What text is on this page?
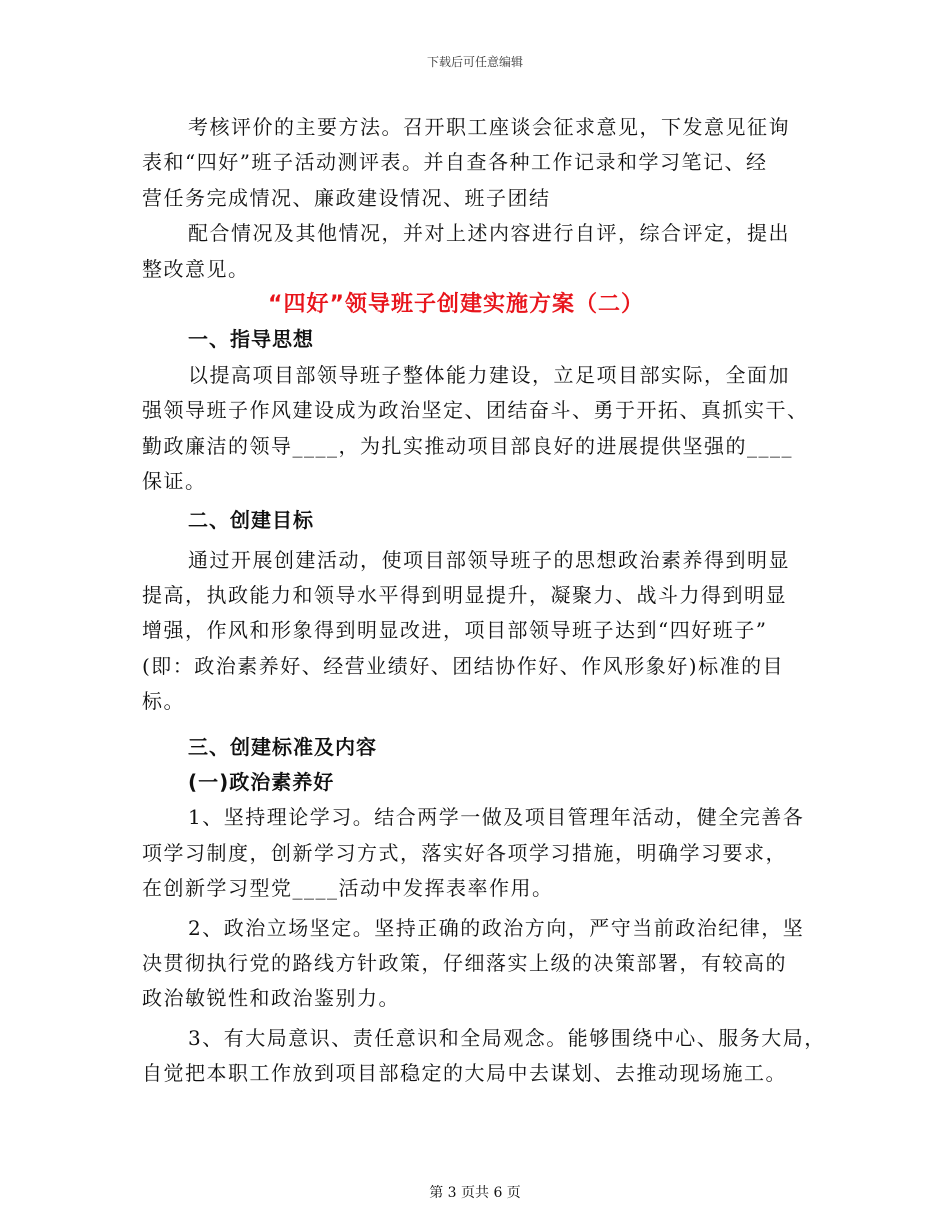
下载后可任意编辑
考核评价的主要方法。召开职工座谈会征求意见，下发意见征询
表和“四好”班子活动测评表。并自查各种工作记录和学习笔记、经
营任务完成情况、廉政建设情况、班子团结
配合情况及其他情况，并对上述内容进行自评，综合评定，提出
整改意见。
“四好”领导班子创建实施方案（二）
一、指导思想
以提高项目部领导班子整体能力建设，立足项目部实际，全面加
强领导班子作风建设成为政治坚定、团结奋斗、勇于开拓、真抓实干、
勤政廉洁的领导____，为扎实推动项目部良好的进展提供坚强的____
保证。
二、创建目标
通过开展创建活动，使项目部领导班子的思想政治素养得到明显
提高，执政能力和领导水平得到明显提升，凝聚力、战斗力得到明显
增强，作风和形象得到明显改进，项目部领导班子达到“四好班子”
(即：政治素养好、经营业绩好、团结协作好、作风形象好)标准的目
标。
三、创建标准及内容
(一)政治素养好
1、坚持理论学习。结合两学一做及项目管理年活动，健全完善各
项学习制度，创新学习方式，落实好各项学习措施，明确学习要求，
在创新学习型党____活动中发挥表率作用。
2、政治立场坚定。坚持正确的政治方向，严守当前政治纪律，坚
决贯彻执行党的路线方针政策，仔细落实上级的决策部署，有较高的
政治敏锐性和政治鉴别力。
3、有大局意识、责任意识和全局观念。能够围绕中心、服务大局，
自觉把本职工作放到项目部稳定的大局中去谋划、去推动现场施工。
第 3 页共 6 页
